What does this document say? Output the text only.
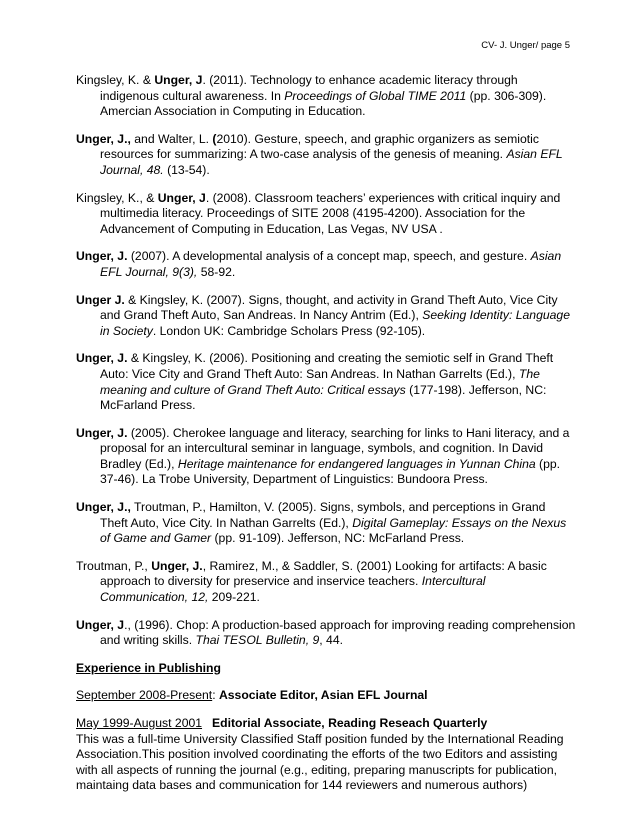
CV- J. Unger/ page 5
Kingsley, K. & Unger, J. (2011). Technology to enhance academic literacy through indigenous cultural awareness. In Proceedings of Global TIME 2011 (pp. 306-309). Amercian Association in Computing in Education.
Unger, J., and Walter, L. (2010). Gesture, speech, and graphic organizers as semiotic resources for summarizing: A two-case analysis of the genesis of meaning. Asian EFL Journal, 48. (13-54).
Kingsley, K., & Unger, J. (2008). Classroom teachers’ experiences with critical inquiry and multimedia literacy. Proceedings of SITE 2008 (4195-4200). Association for the Advancement of Computing in Education, Las Vegas, NV USA .
Unger, J. (2007). A developmental analysis of a concept map, speech, and gesture. Asian EFL Journal, 9(3), 58-92.
Unger J. & Kingsley, K. (2007). Signs, thought, and activity in Grand Theft Auto, Vice City and Grand Theft Auto, San Andreas. In Nancy Antrim (Ed.), Seeking Identity: Language in Society. London UK: Cambridge Scholars Press (92-105).
Unger, J. & Kingsley, K. (2006). Positioning and creating the semiotic self in Grand Theft Auto: Vice City and Grand Theft Auto: San Andreas. In Nathan Garrelts (Ed.), The meaning and culture of Grand Theft Auto: Critical essays (177-198). Jefferson, NC: McFarland Press.
Unger, J. (2005). Cherokee language and literacy, searching for links to Hani literacy, and a proposal for an intercultural seminar in language, symbols, and cognition. In David Bradley (Ed.), Heritage maintenance for endangered languages in Yunnan China (pp. 37-46). La Trobe University, Department of Linguistics: Bundoora Press.
Unger, J., Troutman, P., Hamilton, V. (2005). Signs, symbols, and perceptions in Grand Theft Auto, Vice City. In Nathan Garrelts (Ed.), Digital Gameplay: Essays on the Nexus of Game and Gamer (pp. 91-109). Jefferson, NC: McFarland Press.
Troutman, P., Unger, J., Ramirez, M., & Saddler, S. (2001) Looking for artifacts: A basic approach to diversity for preservice and inservice teachers. Intercultural Communication, 12, 209-221.
Unger, J., (1996). Chop: A production-based approach for improving reading comprehension and writing skills. Thai TESOL Bulletin, 9, 44.
Experience in Publishing
September 2008-Present: Associate Editor, Asian EFL Journal
May 1999-August 2001 Editorial Associate, Reading Reseach Quarterly
This was a full-time University Classified Staff position funded by the International Reading Association.This position involved coordinating the efforts of the two Editors and assisting with all aspects of running the journal (e.g., editing, preparing manuscripts for publication, maintaing data bases and communication for 144 reviewers and numerous authors)
